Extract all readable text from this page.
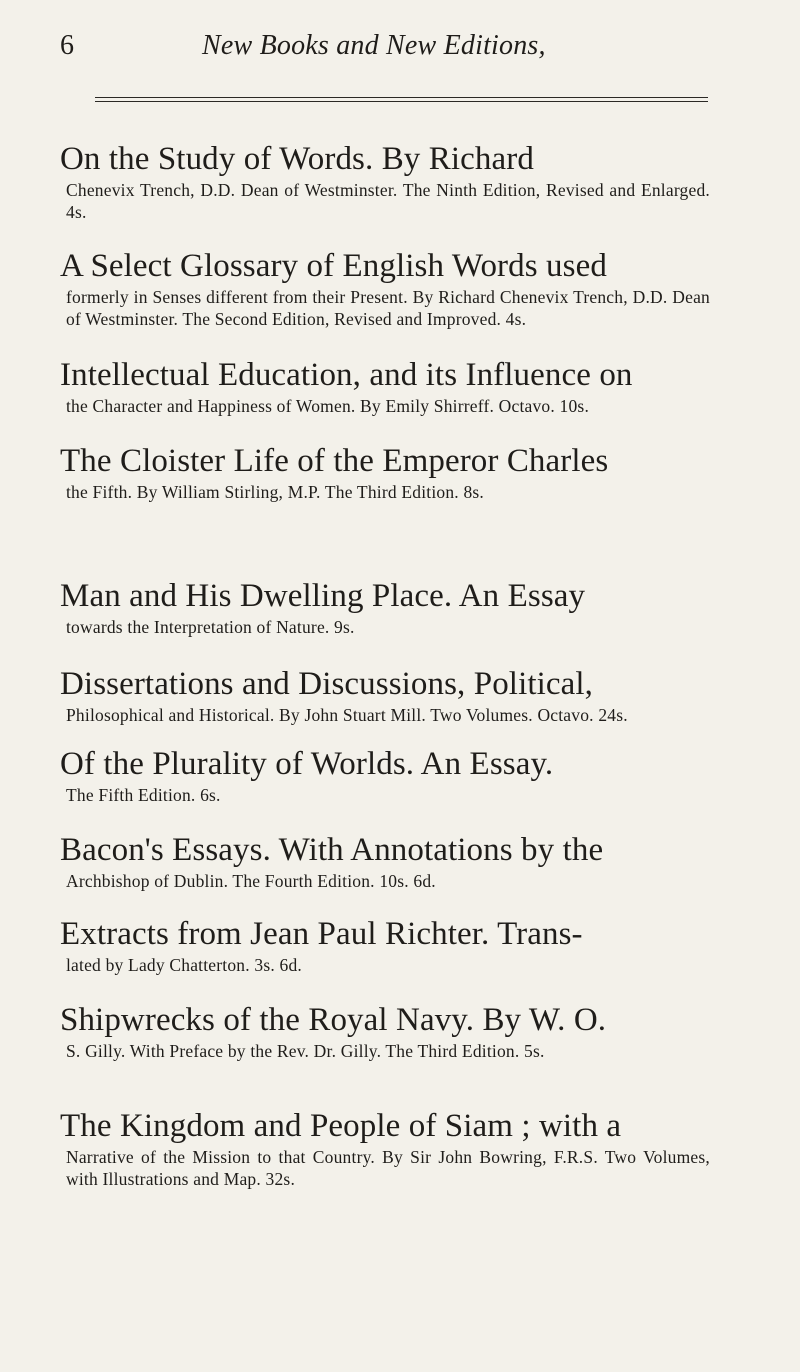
6	New Books and New Editions,
On the Study of Words. By Richard
Chenevix Trench, D.D. Dean of Westminster. The Ninth Edition, Revised and Enlarged. 4s.
A Select Glossary of English Words used
formerly in Senses different from their Present. By Richard Chenevix Trench, D.D. Dean of Westminster. The Second Edition, Revised and Improved. 4s.
Intellectual Education, and its Influence on
the Character and Happiness of Women. By Emily Shirreff. Octavo. 10s.
The Cloister Life of the Emperor Charles
the Fifth. By William Stirling, M.P. The Third Edition. 8s.
Man and His Dwelling Place. An Essay
towards the Interpretation of Nature. 9s.
Dissertations and Discussions, Political,
Philosophical and Historical. By John Stuart Mill. Two Volumes. Octavo. 24s.
Of the Plurality of Worlds. An Essay.
The Fifth Edition. 6s.
Bacon's Essays. With Annotations by the
Archbishop of Dublin. The Fourth Edition. 10s. 6d.
Extracts from Jean Paul Richter. Trans-
lated by Lady Chatterton. 3s. 6d.
Shipwrecks of the Royal Navy. By W. O.
S. Gilly. With Preface by the Rev. Dr. Gilly. The Third Edition. 5s.
The Kingdom and People of Siam ; with a
Narrative of the Mission to that Country. By Sir John Bowring, F.R.S. Two Volumes, with Illustrations and Map. 32s.
